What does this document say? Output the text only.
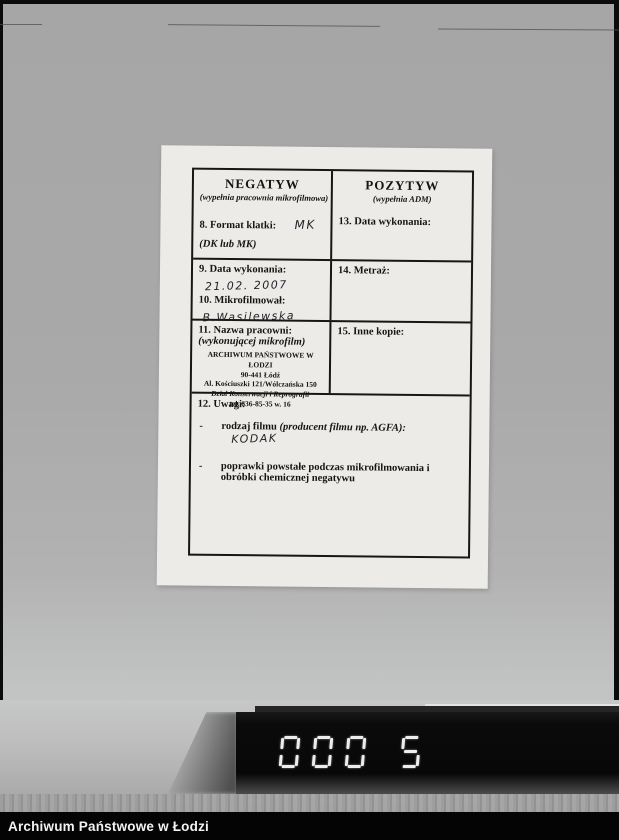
NEGATYW
(wypełnia pracownia mikrofilmowa)
8. Format klatki: MK
(DK lub MK)
POZYTYW
(wypełnia ADM)
13. Data wykonania:
9. Data wykonania:
21.02. 2007
10. Mikrofilmował:
B.Wasilewska
14. Metraż:
11. Nazwa pracowni:
(wykonującej mikrofilm)
ARCHIWUM PAŃSTWOWE W ŁODZI
90-441 Łódź
Al. Kościuszki 121/Wólczańska 150
Dział Konserwacji i Reprografii
tel. 636-85-35 w. 16
15. Inne kopie:
12. Uwagi:
-	rodzaj filmu (producent filmu np. AGFA): KODAK
-	poprawki powstałe podczas mikrofilmowania i obróbki chemicznej negatywu
Archiwum Państwowe w Łodzi
